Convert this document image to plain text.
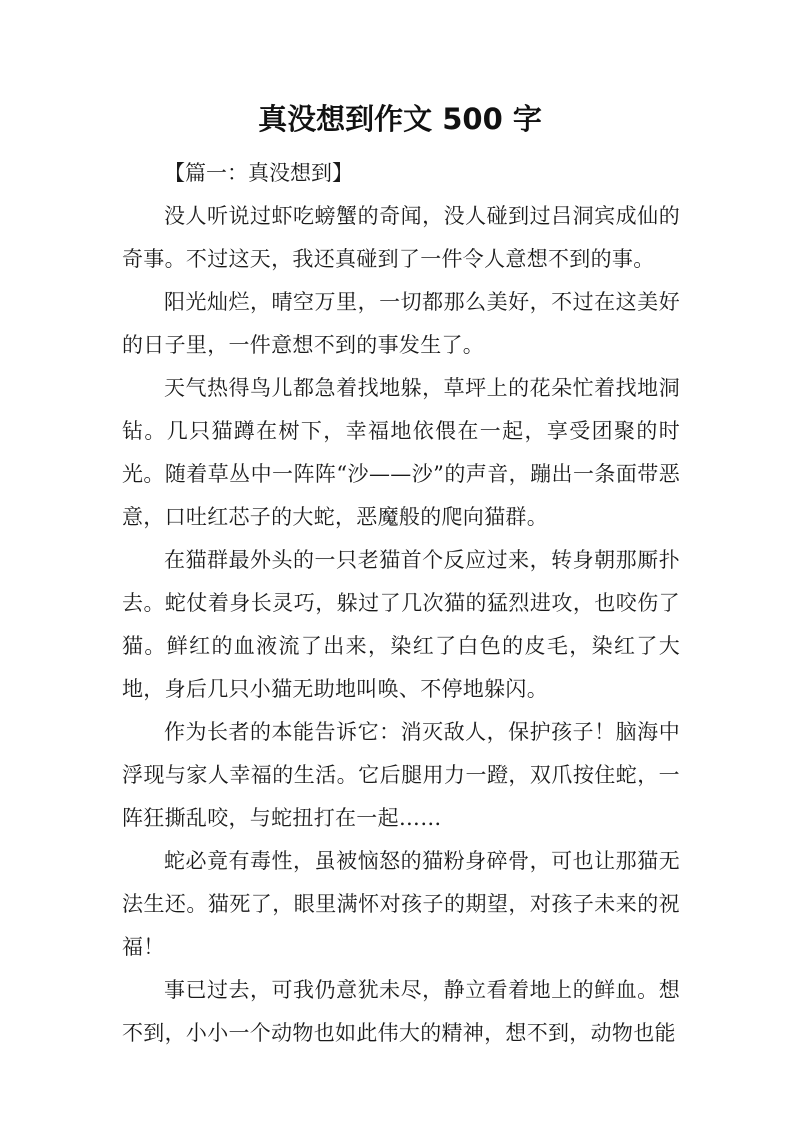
真没想到作文 500 字

【篇一：真没想到】

没人听说过虾吃螃蟹的奇闻，没人碰到过吕洞宾成仙的奇事。不过这天，我还真碰到了一件令人意想不到的事。

阳光灿烂，晴空万里，一切都那么美好，不过在这美好的日子里，一件意想不到的事发生了。

天气热得鸟儿都急着找地躲，草坪上的花朵忙着找地洞钻。几只猫蹲在树下，幸福地依偎在一起，享受团聚的时光。随着草丛中一阵阵“沙——沙”的声音，蹦出一条面带恶意，口吐红芯子的大蛇，恶魔般的爬向猫群。

在猫群最外头的一只老猫首个反应过来，转身朝那厮扑去。蛇仗着身长灵巧，躲过了几次猫的猛烈进攻，也咬伤了猫。鲜红的血液流了出来，染红了白色的皮毛，染红了大地，身后几只小猫无助地叫唤、不停地躲闪。

作为长者的本能告诉它：消灭敌人，保护孩子！脑海中浮现与家人幸福的生活。它后腿用力一蹬，双爪按住蛇，一阵狂撕乱咬，与蛇扭打在一起……

蛇必竟有毒性，虽被恼怒的猫粉身碎骨，可也让那猫无法生还。猫死了，眼里满怀对孩子的期望，对孩子未来的祝福！

事已过去，可我仍意犹未尽，静立看着地上的鲜血。想不到，小小一个动物也如此伟大的精神，想不到，动物也能
